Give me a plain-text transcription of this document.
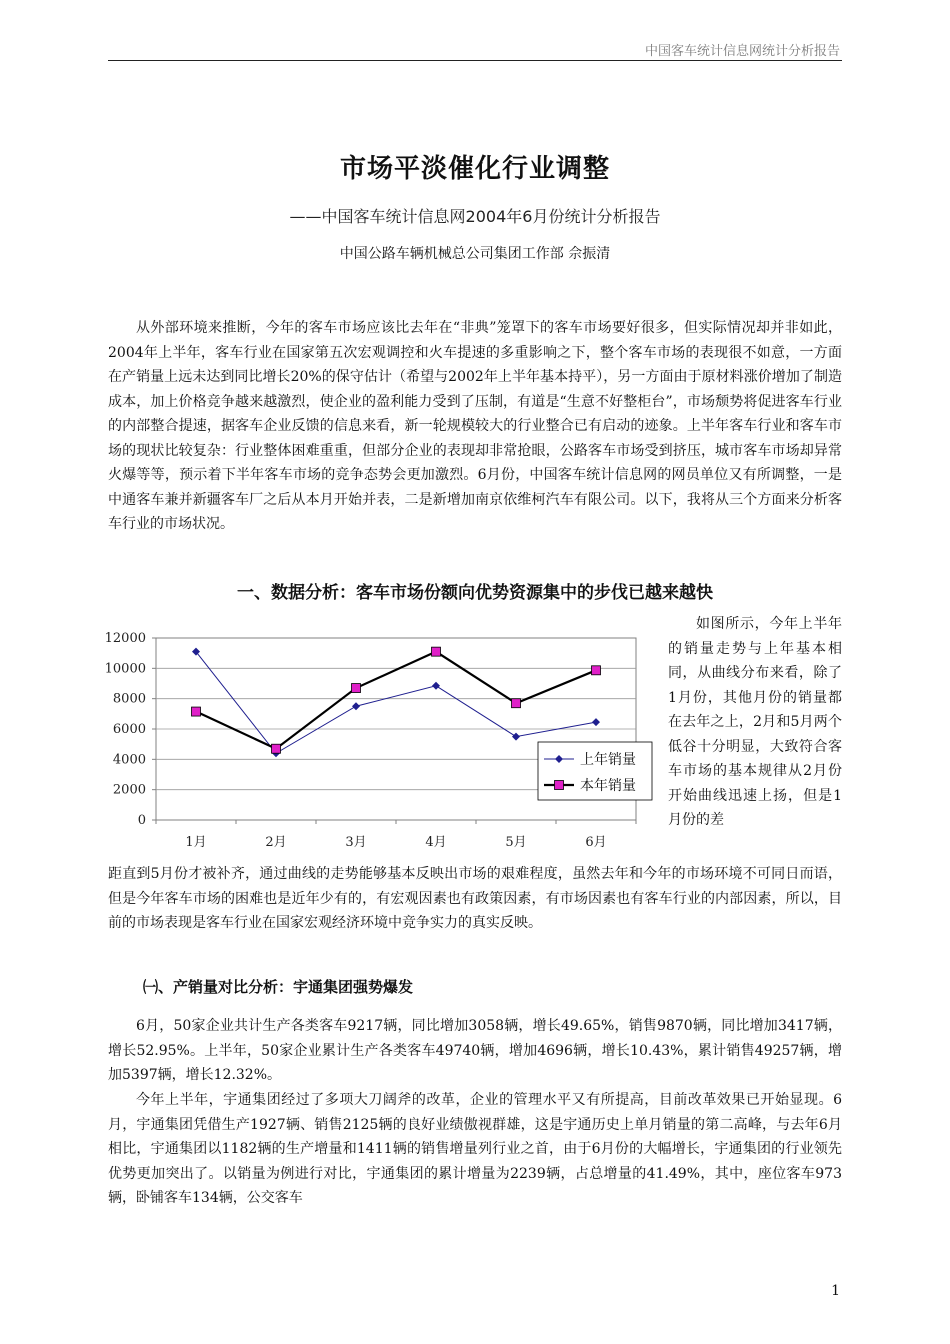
中国客车统计信息网统计分析报告
市场平淡催化行业调整
——中国客车统计信息网2004年6月份统计分析报告
中国公路车辆机械总公司集团工作部 佘振清

从外部环境来推断，今年的客车市场应该比去年在“非典”笼罩下的客车市场要好很多，但实际情况却并非如此，2004年上半年，客车行业在国家第五次宏观调控和火车提速的多重影响之下，整个客车市场的表现很不如意，一方面在产销量上远未达到同比增长20%的保守估计（希望与2002年上半年基本持平），另一方面由于原材料涨价增加了制造成本，加上价格竞争越来越激烈，使企业的盈利能力受到了压制，有道是“生意不好整柜台”，市场颓势将促进客车行业的内部整合提速，据客车企业反馈的信息来看，新一轮规模较大的行业整合已有启动的迹象。上半年客车行业和客车市场的现状比较复杂：行业整体困难重重，但部分企业的表现却非常抢眼，公路客车市场受到挤压，城市客车市场却异常火爆等等，预示着下半年客车市场的竞争态势会更加激烈。6月份，中国客车统计信息网的网员单位又有所调整，一是中通客车兼并新疆客车厂之后从本月开始并表，二是新增加南京依维柯汽车有限公司。以下，我将从三个方面来分析客车行业的市场状况。

一、数据分析：客车市场份额向优势资源集中的步伐已越来越快
0
2000
4000
6000
8000
10000
12000
1月	2月	3月	4月	5月	6月
上年销量
本年销量

如图所示，今年上半年的销量走势与上年基本相同，从曲线分布来看，除了1月份，其他月份的销量都在去年之上，2月和5月两个低谷十分明显，大致符合客车市场的基本规律从2月份开始曲线迅速上扬，但是1月份的差

距直到5月份才被补齐，通过曲线的走势能够基本反映出市场的艰难程度，虽然去年和今年的市场环境不可同日而语，但是今年客车市场的困难也是近年少有的，有宏观因素也有政策因素，有市场因素也有客车行业的内部因素，所以，目前的市场表现是客车行业在国家宏观经济环境中竞争实力的真实反映。

㈠、产销量对比分析：宇通集团强势爆发

6月，50家企业共计生产各类客车9217辆，同比增加3058辆，增长49.65%，销售9870辆，同比增加3417辆，增长52.95%。上半年，50家企业累计生产各类客车49740辆，增加4696辆，增长10.43%，累计销售49257辆，增加5397辆，增长12.32%。

今年上半年，宇通集团经过了多项大刀阔斧的改革，企业的管理水平又有所提高，目前改革效果已开始显现。6月，宇通集团凭借生产1927辆、销售2125辆的良好业绩傲视群雄，这是宇通历史上单月销量的第二高峰，与去年6月相比，宇通集团以1182辆的生产增量和1411辆的销售增量列行业之首，由于6月份的大幅增长，宇通集团的行业领先优势更加突出了。以销量为例进行对比，宇通集团的累计增量为2239辆，占总增量的41.49%，其中，座位客车973辆，卧铺客车134辆，公交客车

1
